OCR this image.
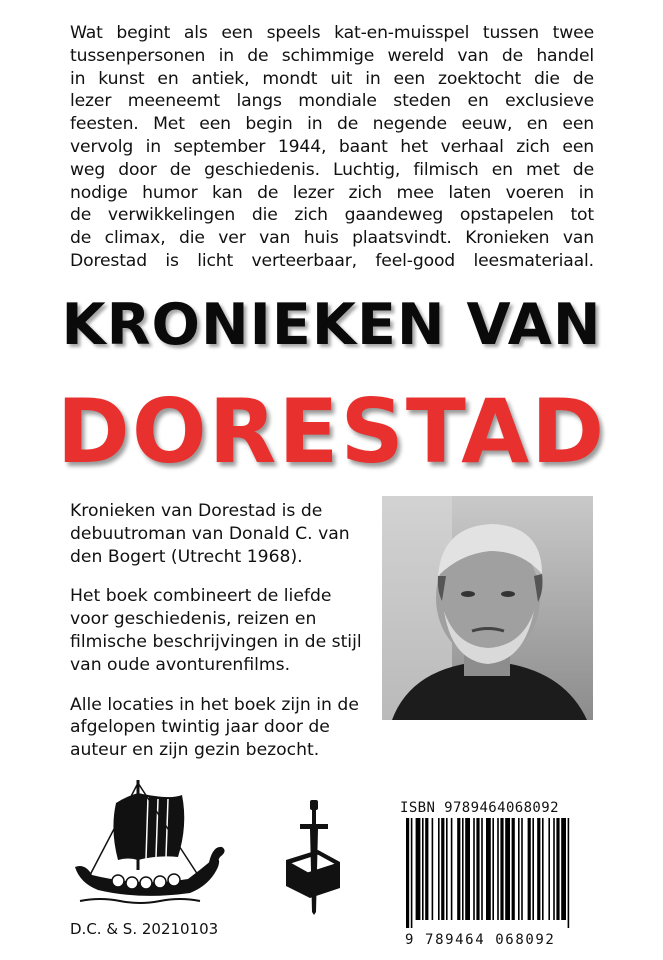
Wat begint als een speels kat-en-muisspel tussen twee
tussenpersonen in de schimmige wereld van de handel
in kunst en antiek, mondt uit in een zoektocht die de
lezer meeneemt langs mondiale steden en exclusieve
feesten. Met een begin in de negende eeuw, en een
vervolg in september 1944, baant het verhaal zich een
weg door de geschiedenis. Luchtig, filmisch en met de
nodige humor kan de lezer zich mee laten voeren in
de verwikkelingen die zich gaandeweg opstapelen tot
de climax, die ver van huis plaatsvindt. Kronieken van
Dorestad is licht verteerbaar, feel-good leesmateriaal.
KRONIEKEN VAN
DORESTAD

Kronieken van Dorestad is de debuutroman van Donald C. van den Bogert (Utrecht 1968).

Het boek combineert de liefde voor geschiedenis, reizen en filmische beschrijvingen in de stijl van oude avonturenfilms.

Alle locaties in het boek zijn in de afgelopen twintig jaar door de auteur en zijn gezin bezocht.

ISBN 9789464068092
9 789464 068092
D.C. & S. 20210103
